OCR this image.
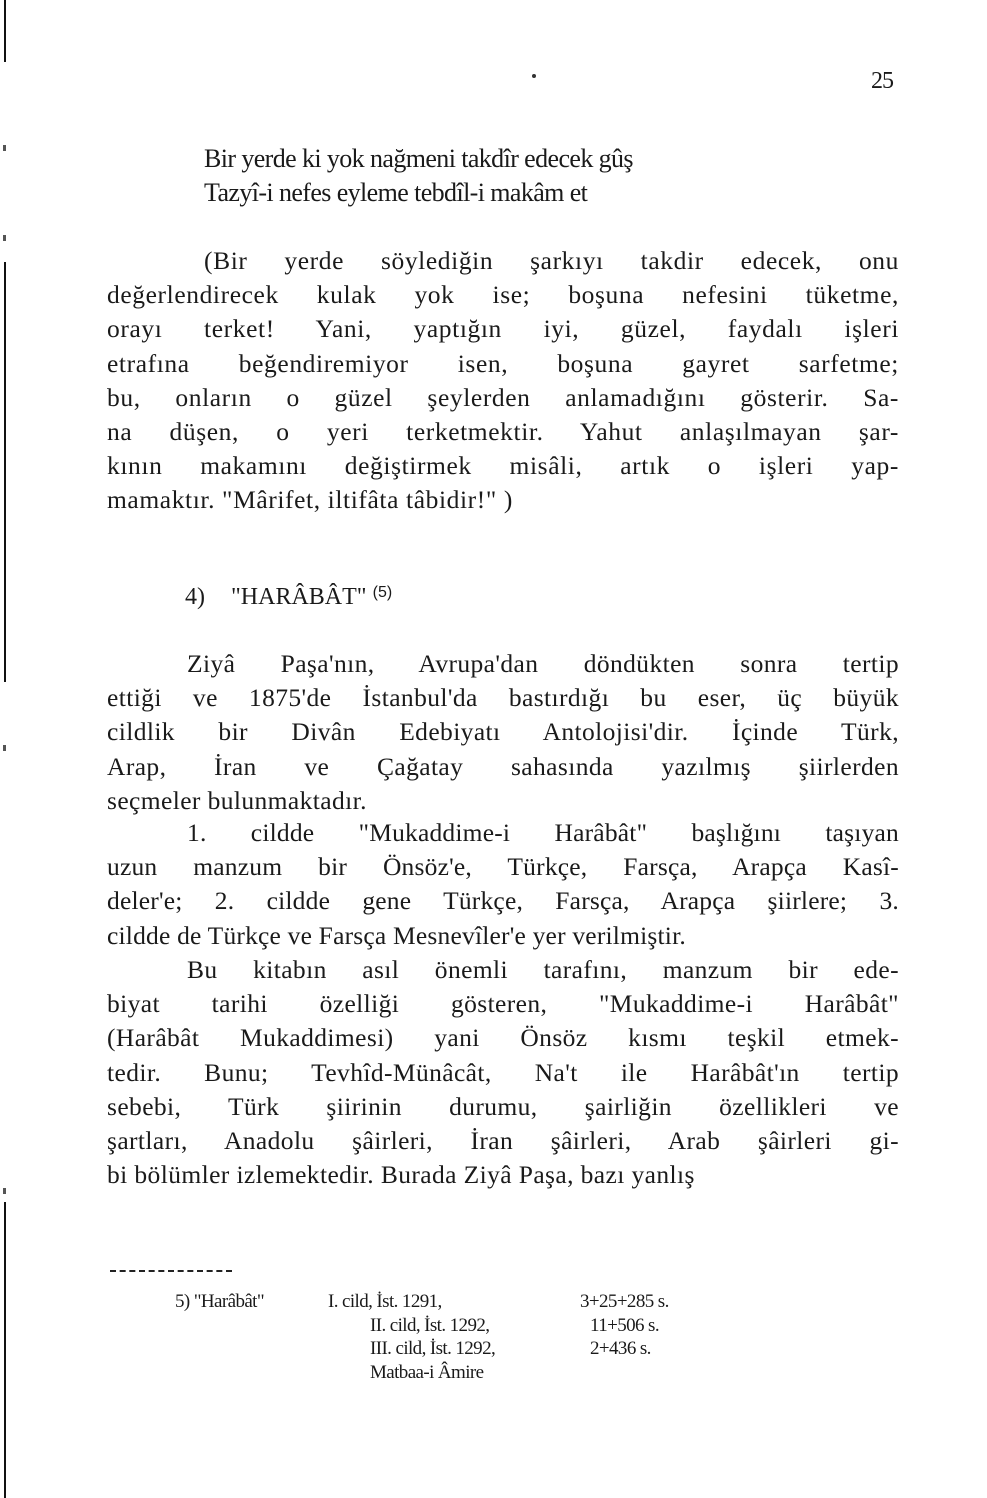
25
Bir yerde ki yok nağmeni takdîr edecek gûş
Tazyî-i nefes eyleme tebdîl-i makâm et
(Bir yerde söylediğin şarkıyı takdir edecek, onu
değerlendirecek kulak yok ise; boşuna nefesini tüketme,
orayı terket! Yani, yaptığın iyi, güzel, faydalı işleri
etrafına beğendiremiyor isen, boşuna gayret sarfetme;
bu, onların o güzel şeylerden anlamadığını gösterir. Sa-
na düşen, o yeri terketmektir. Yahut anlaşılmayan şar-
kının makamını değiştirmek misâli, artık o işleri yap-
mamaktır. "Mârifet, iltifâta tâbidir!" )
4) "HARÂBÂT" $^{(5)}$
Ziyâ Paşa'nın, Avrupa'dan döndükten sonra tertip
ettiği ve 1875'de İstanbul'da bastırdığı bu eser, üç büyük
cildlik bir Divân Edebiyatı Antolojisi'dir. İçinde Türk,
Arap, İran ve Çağatay sahasında yazılmış şiirlerden
seçmeler bulunmaktadır.
1. cildde "Mukaddime-i Harâbât" başlığını taşıyan
uzun manzum bir Önsöz'e, Türkçe, Farsça, Arapça Kasî-
deler'e; 2. cildde gene Türkçe, Farsça, Arapça şiirlere; 3.
cildde de Türkçe ve Farsça Mesnevîler'e yer verilmiştir.
Bu kitabın asıl önemli tarafını, manzum bir ede-
biyat tarihi özelliği gösteren, "Mukaddime-i Harâbât"
(Harâbât Mukaddimesi) yani Önsöz kısmı teşkil etmek-
tedir. Bunu; Tevhîd-Münâcât, Na't ile Harâbât'ın tertip
sebebi, Türk şiirinin durumu, şairliğin özellikleri ve
şartları, Anadolu şâirleri, İran şâirleri, Arab şâirleri gi-
bi bölümler izlemektedir. Burada Ziyâ Paşa, bazı yanlış
5) "Harâbât"	I. cild, İst. 1291,
II. cild, İst. 1292,
III. cild, İst. 1292,
Matbaa-i Âmire
3+25+285 s.
11+506 s.
2+436 s.
